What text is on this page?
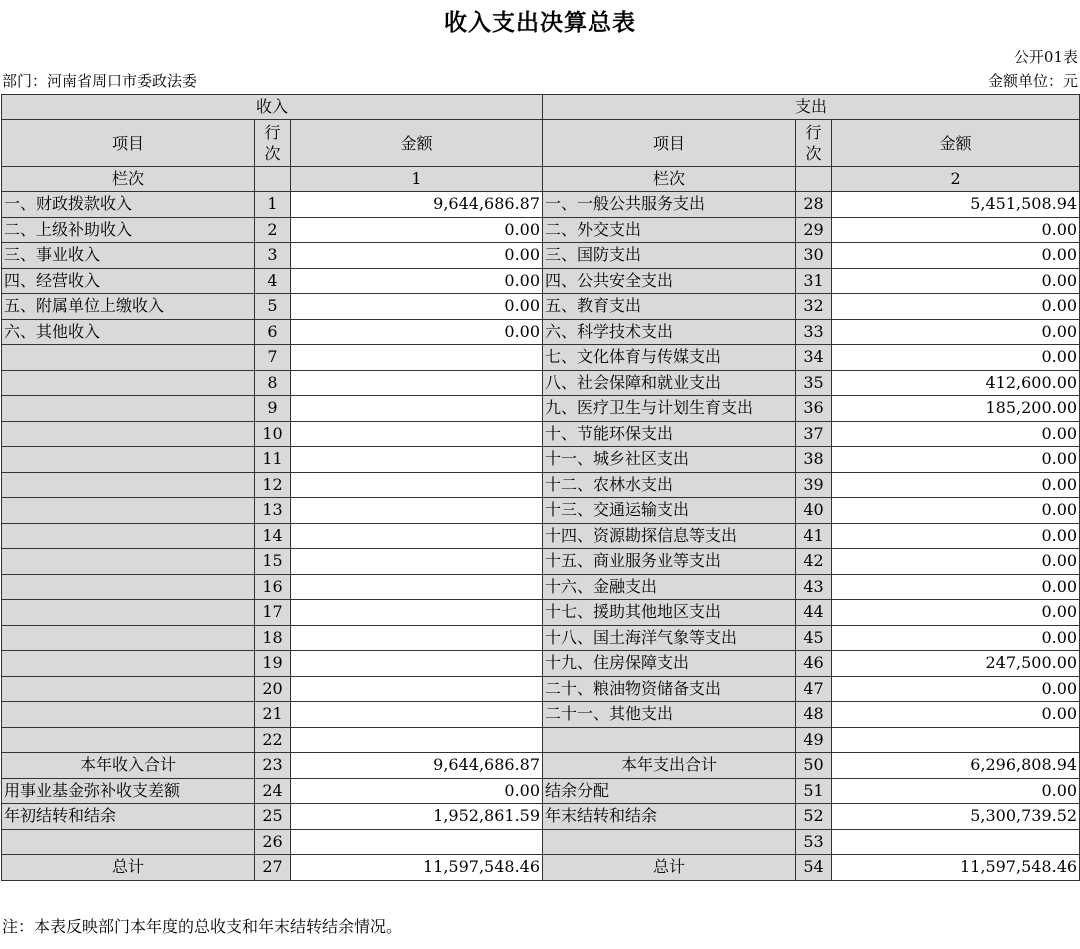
收入支出决算总表
公开01表
部门：河南省周口市委政法委	金额单位：元
收入			支出		
项目	行次	金额	项目	行次	金额
栏次		1	栏次		2
一、财政拨款收入	1	9,644,686.87	一、一般公共服务支出	28	5,451,508.94
二、上级补助收入	2	0.00	二、外交支出	29	0.00
三、事业收入	3	0.00	三、国防支出	30	0.00
四、经营收入	4	0.00	四、公共安全支出	31	0.00
五、附属单位上缴收入	5	0.00	五、教育支出	32	0.00
六、其他收入	6	0.00	六、科学技术支出	33	0.00
	7		七、文化体育与传媒支出	34	0.00
	8		八、社会保障和就业支出	35	412,600.00
	9		九、医疗卫生与计划生育支出	36	185,200.00
	10		十、节能环保支出	37	0.00
	11		十一、城乡社区支出	38	0.00
	12		十二、农林水支出	39	0.00
	13		十三、交通运输支出	40	0.00
	14		十四、资源勘探信息等支出	41	0.00
	15		十五、商业服务业等支出	42	0.00
	16		十六、金融支出	43	0.00
	17		十七、援助其他地区支出	44	0.00
	18		十八、国土海洋气象等支出	45	0.00
	19		十九、住房保障支出	46	247,500.00
	20		二十、粮油物资储备支出	47	0.00
	21		二十一、其他支出	48	0.00
	22			49	
本年收入合计	23	9,644,686.87	本年支出合计	50	6,296,808.94
用事业基金弥补收支差额	24	0.00	结余分配	51	0.00
年初结转和结余	25	1,952,861.59	年末结转和结余	52	5,300,739.52
	26			53	
总计	27	11,597,548.46	总计	54	11,597,548.46
注：本表反映部门本年度的总收支和年末结转结余情况。
